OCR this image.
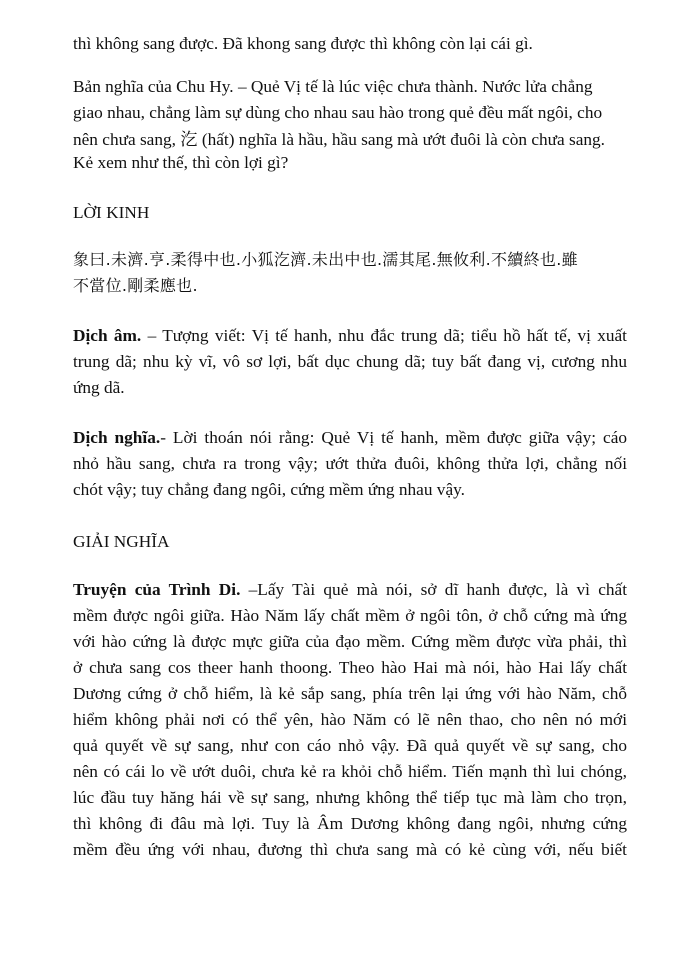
thì không sang được. Đã khong sang được thì không còn lại cái gì.
Bản nghĩa của Chu Hy. – Quẻ Vị tế là lúc việc chưa thành. Nước lửa chẳng
giao nhau, chẳng làm sự dùng cho nhau sau hào trong quẻ đều mất ngôi, cho
nên chưa sang, 汔 (hất) nghĩa là hầu, hầu sang mà ướt đuôi là còn chưa sang.
Kẻ xem như thế, thì còn lợi gì?
LỜI KINH
象曰.未濟.亨.柔得中也.小狐汔濟.未出中也.濡其尾.無攸利.不續終也.雖
不當位.剛柔應也.
Dịch âm. – Tượng viết: Vị tế hanh, nhu đắc trung dã; tiểu hồ hất tế, vị xuất
trung dã; nhu kỳ vĩ, vô sơ lợi, bất dục chung dã; tuy bất đang vị, cương nhu
ứng dã.
Dịch nghĩa.- Lời thoán nói rằng: Quẻ Vị tế hanh, mềm được giữa vậy; cáo
nhỏ hầu sang, chưa ra trong vậy; ướt thửa đuôi, không thửa lợi, chẳng nối
chót vậy; tuy chẳng đang ngôi, cứng mềm ứng nhau vậy.
GIẢI NGHĨA
Truyện của Trình Di. –Lấy Tài quẻ mà nói, sở dĩ hanh được, là vì chất
mềm được ngôi giữa. Hào Năm lấy chất mềm ở ngôi tôn, ở chỗ cứng mà ứng
với hào cứng là được mực giữa của đạo mềm. Cứng mềm được vừa phải, thì
ở chưa sang cos theer hanh thoong. Theo hào Hai mà nói, hào Hai lấy chất
Dương cứng ở chỗ hiểm, là kẻ sắp sang, phía trên lại ứng với hào Năm, chỗ
hiểm không phải nơi có thể yên, hào Năm có lẽ nên thao, cho nên nó mới
quả quyết về sự sang, như con cáo nhỏ vậy. Đã quả quyết về sự sang, cho
nên có cái lo về ướt duôi, chưa kẻ ra khỏi chỗ hiểm. Tiến mạnh thì lui chóng,
lúc đầu tuy hăng hái về sự sang, nhưng không thể tiếp tục mà làm cho trọn,
thì không đi đâu mà lợi. Tuy là Âm Dương không đang ngôi, nhưng cứng
mềm đều ứng với nhau, đương thì chưa sang mà có kẻ cùng với, nếu biết
